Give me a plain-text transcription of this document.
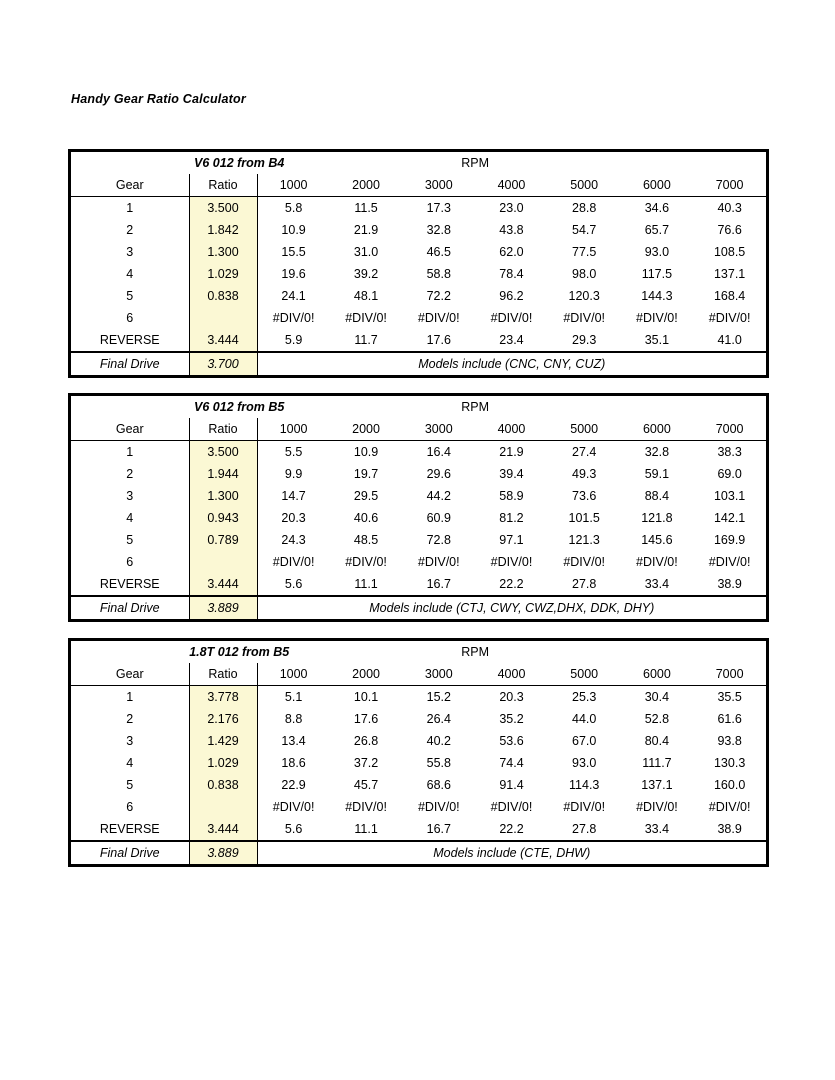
Handy Gear Ratio Calculator
V6 012 from B4				RPM				
Gear	Ratio	1000	2000	3000	4000	5000	6000	7000
1	3.500	5.8	11.5	17.3	23.0	28.8	34.6	40.3
2	1.842	10.9	21.9	32.8	43.8	54.7	65.7	76.6
3	1.300	15.5	31.0	46.5	62.0	77.5	93.0	108.5
4	1.029	19.6	39.2	58.8	78.4	98.0	117.5	137.1
5	0.838	24.1	48.1	72.2	96.2	120.3	144.3	168.4
6		#DIV/0!	#DIV/0!	#DIV/0!	#DIV/0!	#DIV/0!	#DIV/0!	#DIV/0!
REVERSE	3.444	5.9	11.7	17.6	23.4	29.3	35.1	41.0
Final Drive	3.700	Models include (CNC, CNY, CUZ)						
V6 012 from B5				RPM				
Gear	Ratio	1000	2000	3000	4000	5000	6000	7000
1	3.500	5.5	10.9	16.4	21.9	27.4	32.8	38.3
2	1.944	9.9	19.7	29.6	39.4	49.3	59.1	69.0
3	1.300	14.7	29.5	44.2	58.9	73.6	88.4	103.1
4	0.943	20.3	40.6	60.9	81.2	101.5	121.8	142.1
5	0.789	24.3	48.5	72.8	97.1	121.3	145.6	169.9
6		#DIV/0!	#DIV/0!	#DIV/0!	#DIV/0!	#DIV/0!	#DIV/0!	#DIV/0!
REVERSE	3.444	5.6	11.1	16.7	22.2	27.8	33.4	38.9
Final Drive	3.889	Models include (CTJ, CWY, CWZ,DHX, DDK, DHY)						
1.8T 012 from B5				RPM				
Gear	Ratio	1000	2000	3000	4000	5000	6000	7000
1	3.778	5.1	10.1	15.2	20.3	25.3	30.4	35.5
2	2.176	8.8	17.6	26.4	35.2	44.0	52.8	61.6
3	1.429	13.4	26.8	40.2	53.6	67.0	80.4	93.8
4	1.029	18.6	37.2	55.8	74.4	93.0	111.7	130.3
5	0.838	22.9	45.7	68.6	91.4	114.3	137.1	160.0
6		#DIV/0!	#DIV/0!	#DIV/0!	#DIV/0!	#DIV/0!	#DIV/0!	#DIV/0!
REVERSE	3.444	5.6	11.1	16.7	22.2	27.8	33.4	38.9
Final Drive	3.889	Models include (CTE, DHW)						
